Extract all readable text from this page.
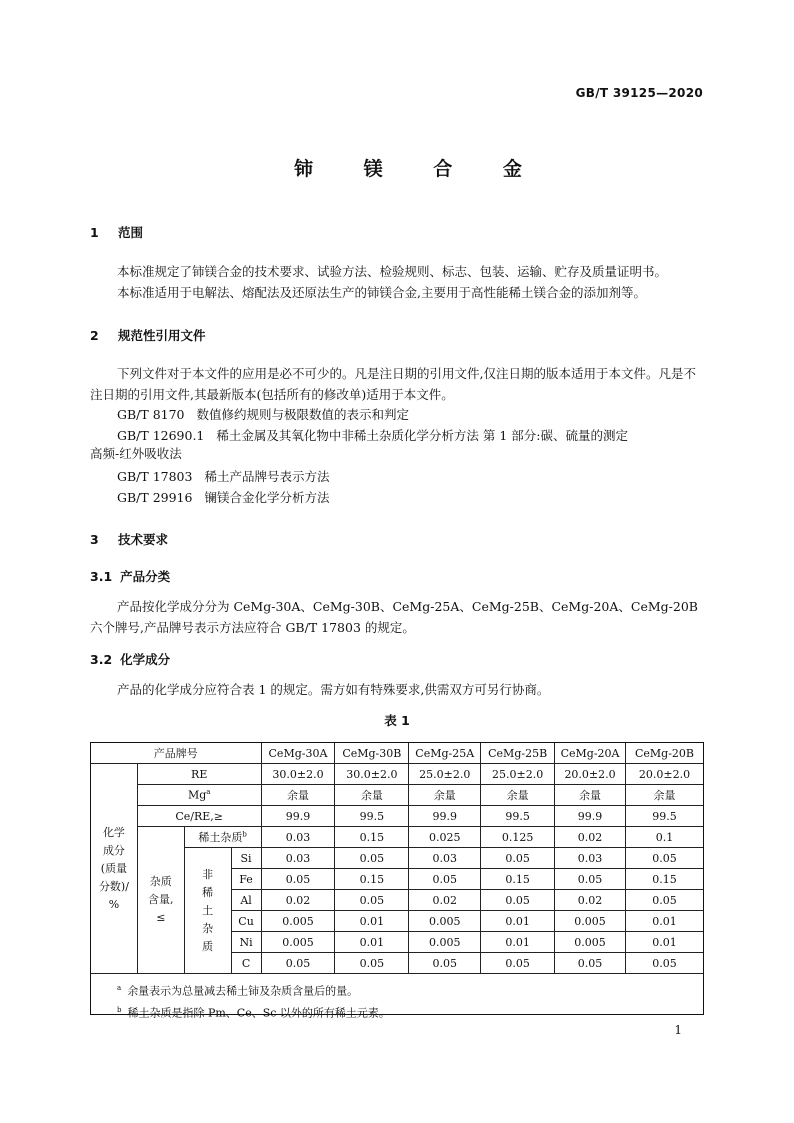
GB/T 39125—2020
铈 镁 合 金
1 范围
本标准规定了铈镁合金的技术要求、试验方法、检验规则、标志、包装、运输、贮存及质量证明书。
本标准适用于电解法、熔配法及还原法生产的铈镁合金,主要用于高性能稀土镁合金的添加剂等。
2 规范性引用文件
下列文件对于本文件的应用是必不可少的。凡是注日期的引用文件,仅注日期的版本适用于本文件。凡是不注日期的引用文件,其最新版本(包括所有的修改单)适用于本文件。
GB/T 8170 数值修约规则与极限数值的表示和判定
GB/T 12690.1 稀土金属及其氧化物中非稀土杂质化学分析方法 第 1 部分:碳、硫量的测定
高频-红外吸收法
GB/T 17803 稀土产品牌号表示方法
GB/T 29916 镧镁合金化学分析方法
3 技术要求
3.1 产品分类
产品按化学成分分为 CeMg-30A、CeMg-30B、CeMg-25A、CeMg-25B、CeMg-20A、CeMg-20B 六个牌号,产品牌号表示方法应符合 GB/T 17803 的规定。
3.2 化学成分
产品的化学成分应符合表 1 的规定。需方如有特殊要求,供需双方可另行协商。
表 1
产品牌号				CeMg-30A	CeMg-30B	CeMg-25A	CeMg-25B	CeMg-20A	CeMg-20B

化学
成分
(质量
分数)/
%	RE			30.0±2.0	30.0±2.0	25.0±2.0	25.0±2.0	20.0±2.0	20.0±2.0
	Mg$^a$			余量	余量	余量	余量	余量	余量
	Ce/RE,≥			99.9	99.5	99.9	99.5	99.9	99.5

	杂质
含量,
≤	稀土杂质$^b$		0.03	0.15	0.025	0.125	0.02	0.1

		非
稀
土
杂
质	Si	0.03	0.05	0.03	0.05	0.03	0.05
			Fe	0.05	0.15	0.05	0.15	0.05	0.15
			Al	0.02	0.05	0.02	0.05	0.02	0.05
			Cu	0.005	0.01	0.005	0.01	0.005	0.01
			Ni	0.005	0.01	0.005	0.01	0.005	0.01
			C	0.05	0.05	0.05	0.05	0.05	0.05
$^a$ 余量表示为总量减去稀土铈及杂质含量后的量。
$^b$ 稀土杂质是指除 Pm、Ce、Sc 以外的所有稀土元素。
1
